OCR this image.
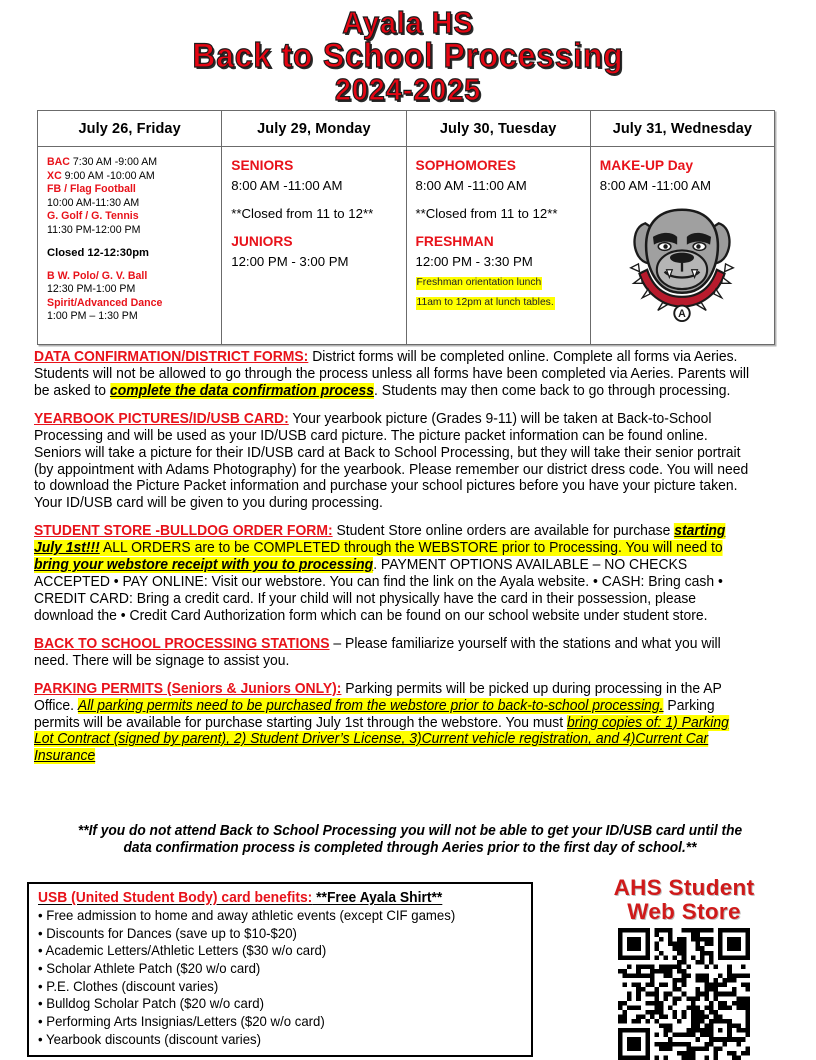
Ayala HS
Back to School Processing
2024-2025
July 26, Friday	July 29, Monday	July 30, Tuesday	July 31, Wednesday

BAC 7:30 AM -9:00 AM
XC 9:00 AM -10:00 AM
FB / Flag Football
10:00 AM-11:30 AM
G. Golf / G. Tennis
11:30 PM-12:00 PM
Closed 12-12:30pm
B W. Polo/ G. V. Ball
12:30 PM-1:00 PM
Spirit/Advanced Dance
1:00 PM – 1:30 PM

SENIORS
8:00 AM -11:00 AM
**Closed from 11 to 12**
JUNIORS
12:00 PM - 3:00 PM

SOPHOMORES
8:00 AM -11:00 AM
**Closed from 11 to 12**
FRESHMAN
12:00 PM - 3:30 PM
Freshman orientation lunch
11am to 12pm at lunch tables.

MAKE-UP Day
8:00 AM -11:00 AM
A

DATA CONFIRMATION/DISTRICT FORMS: District forms will be completed online. Complete all forms via Aeries. Students will not be allowed to go through the process unless all forms have been completed via Aeries. Parents will be asked to complete the data confirmation process. Students may then come back to go through processing.

YEARBOOK PICTURES/ID/USB CARD: Your yearbook picture (Grades 9-11) will be taken at Back-to-School Processing and will be used as your ID/USB card picture. The picture packet information can be found online. Seniors will take a picture for their ID/USB card at Back to School Processing, but they will take their senior portrait (by appointment with Adams Photography) for the yearbook. Please remember our district dress code. You will need to download the Picture Packet information and purchase your school pictures before you have your picture taken. Your ID/USB card will be given to you during processing.

STUDENT STORE -BULLDOG ORDER FORM: Student Store online orders are available for purchase starting July 1st!!! ALL ORDERS are to be COMPLETED through the WEBSTORE prior to Processing. You will need to bring your webstore receipt with you to processing. PAYMENT OPTIONS AVAILABLE – NO CHECKS ACCEPTED • PAY ONLINE: Visit our webstore. You can find the link on the Ayala website. • CASH: Bring cash • CREDIT CARD: Bring a credit card. If your child will not physically have the card in their possession, please download the • Credit Card Authorization form which can be found on our school website under student store.

BACK TO SCHOOL PROCESSING STATIONS – Please familiarize yourself with the stations and what you will need. There will be signage to assist you.

PARKING PERMITS (Seniors & Juniors ONLY): Parking permits will be picked up during processing in the AP Office. All parking permits need to be purchased from the webstore prior to back-to-school processing. Parking permits will be available for purchase starting July 1st through the webstore. You must bring copies of: 1) Parking Lot Contract (signed by parent), 2) Student Driver’s License, 3)Current vehicle registration, and 4)Current Car Insurance

**If you do not attend Back to School Processing you will not be able to get your ID/USB card until the data confirmation process is completed through Aeries prior to the first day of school.**
USB (United Student Body) card benefits: **Free Ayala Shirt**
• Free admission to home and away athletic events (except CIF games)
• Discounts for Dances (save up to $10-$20)
• Academic Letters/Athletic Letters ($30 w/o card)
• Scholar Athlete Patch ($20 w/o card)
• P.E. Clothes (discount varies)
• Bulldog Scholar Patch ($20 w/o card)
• Performing Arts Insignias/Letters ($20 w/o card)
• Yearbook discounts (discount varies)
AHS Student
Web Store
